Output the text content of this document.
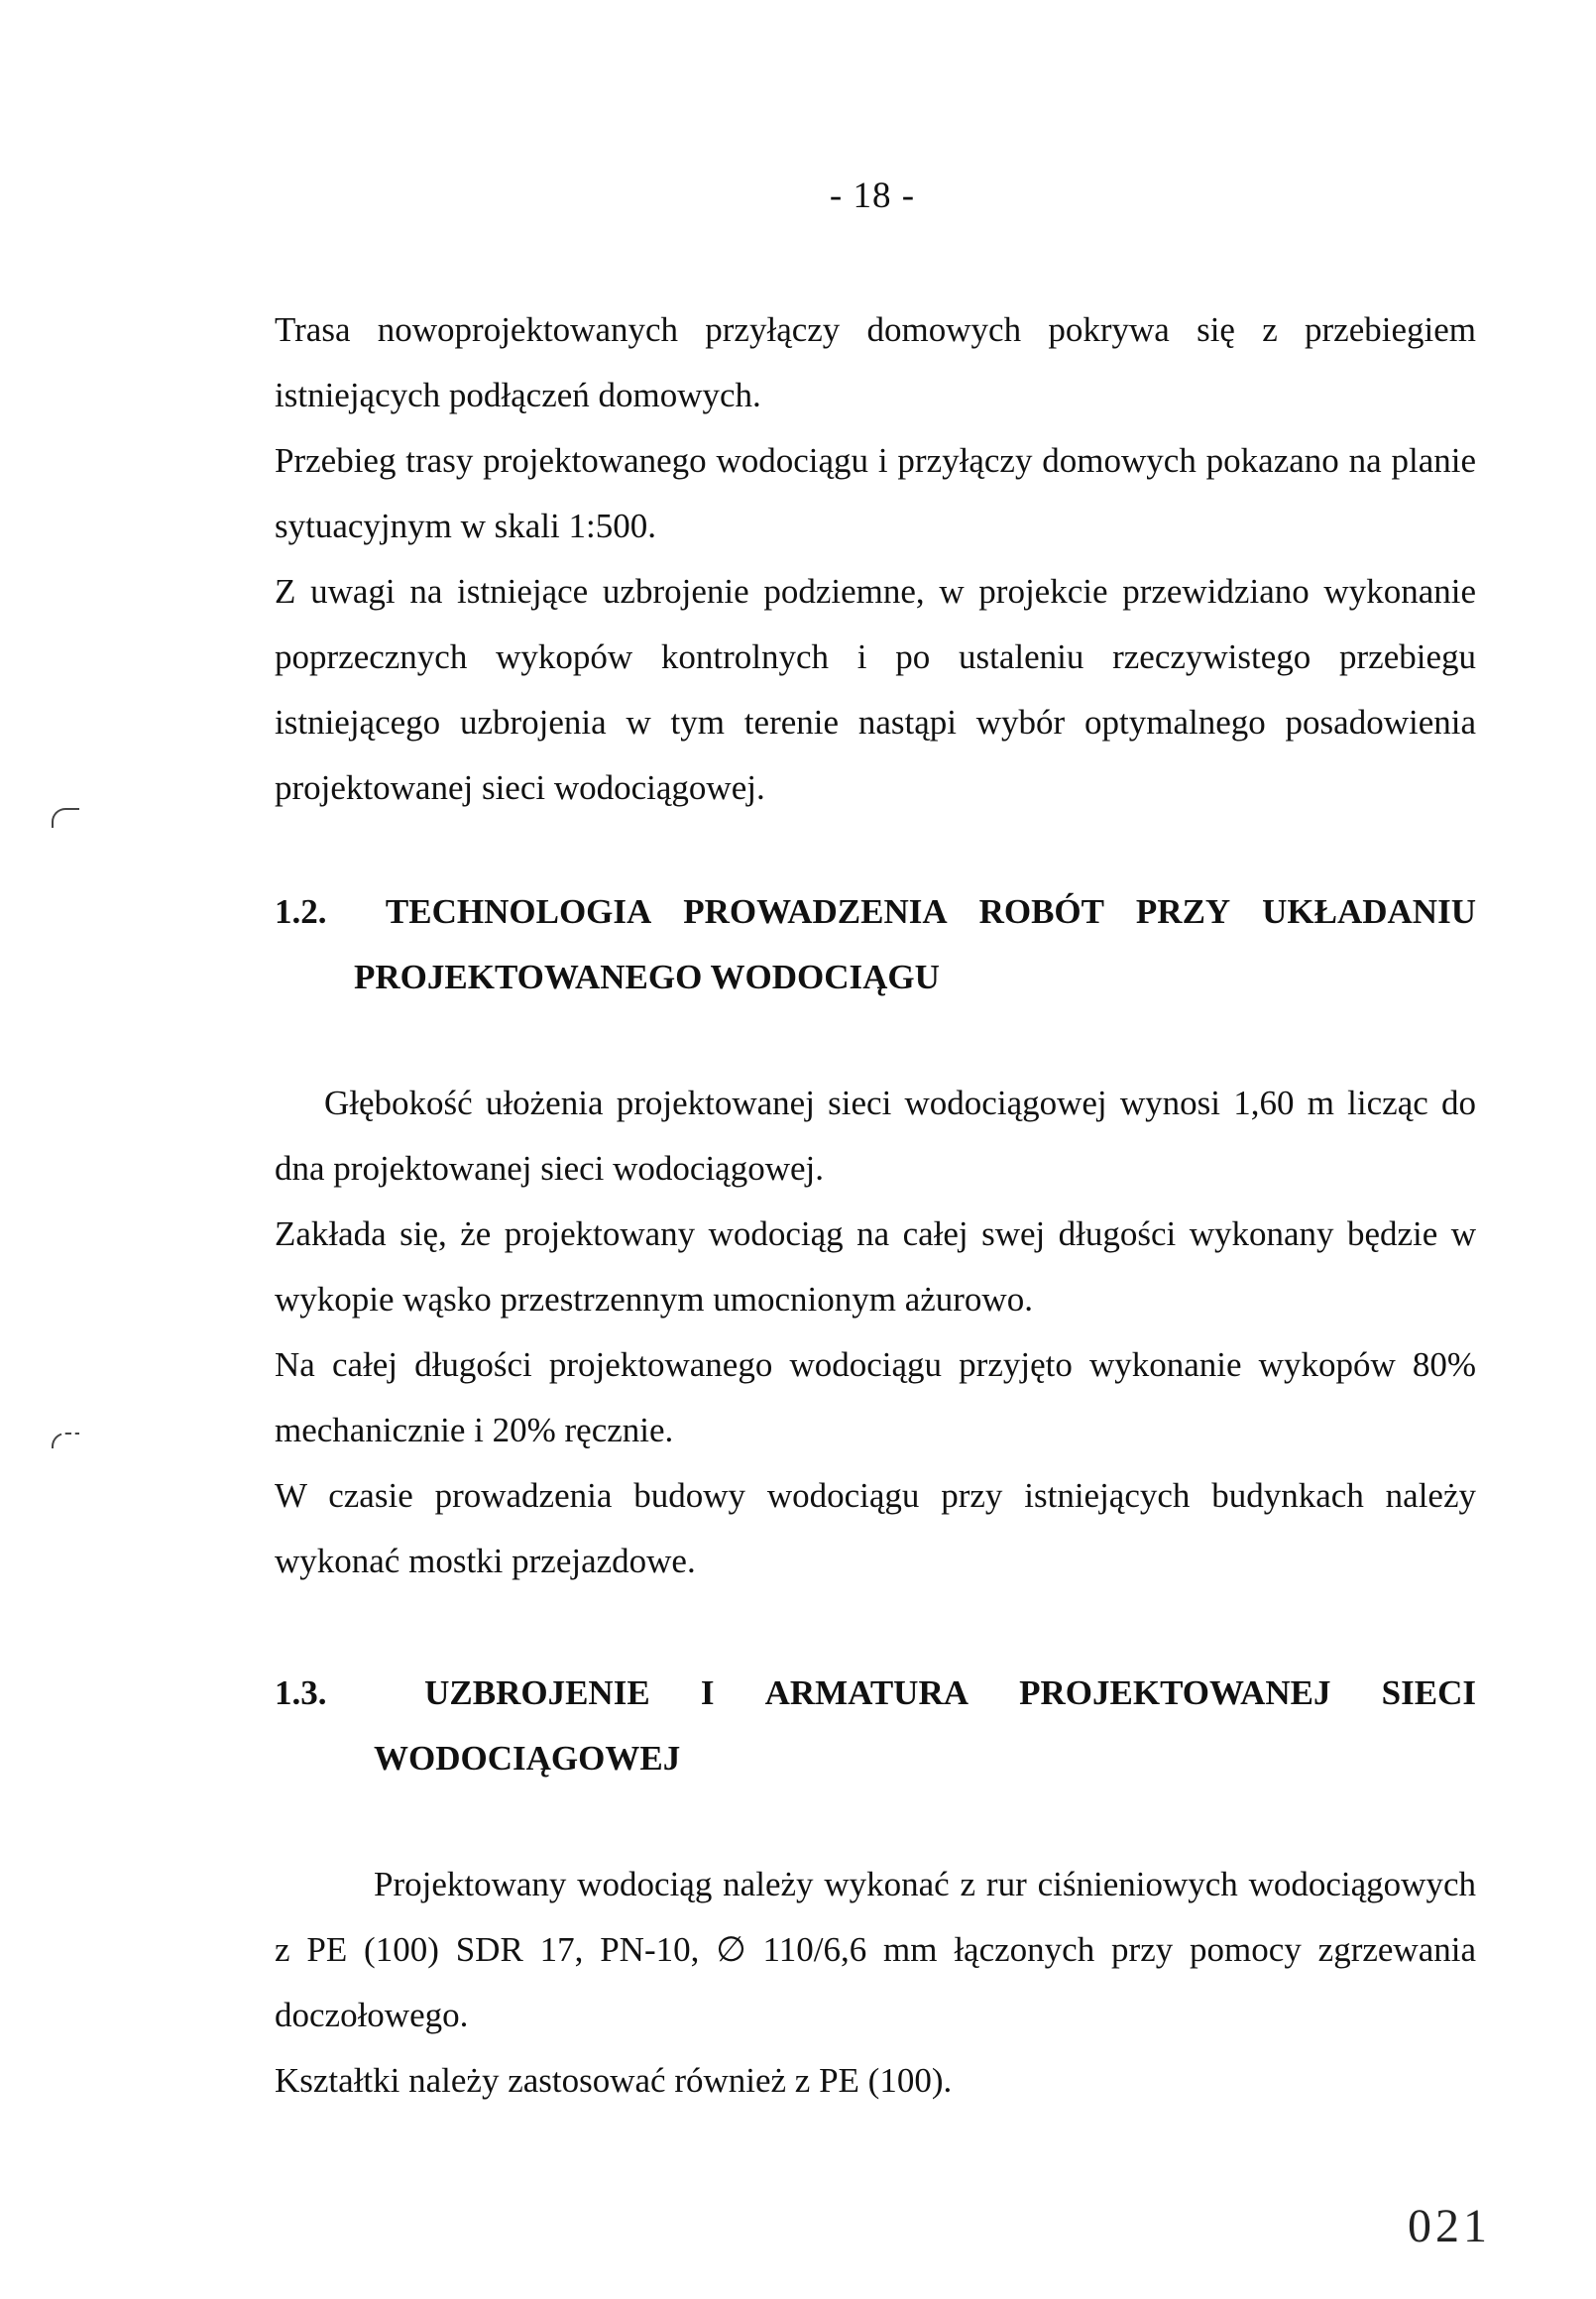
- 18 -

Trasa nowoprojektowanych przyłączy domowych pokrywa się z przebiegiem istniejących podłączeń domowych.

Przebieg trasy projektowanego wodociągu i przyłączy domowych pokazano na planie sytuacyjnym w skali 1:500.

Z uwagi na istniejące uzbrojenie podziemne, w projekcie przewidziano wykonanie poprzecznych wykopów kontrolnych i po ustaleniu rzeczywistego przebiegu istniejącego uzbrojenia w tym terenie nastąpi wybór optymalnego posadowienia projektowanej sieci wodociągowej.

1.2.	TECHNOLOGIA PROWADZENIA ROBÓT PRZY UKŁADANIU
PROJEKTOWANEGO WODOCIĄGU

Głębokość ułożenia projektowanej sieci wodociągowej wynosi 1,60 m licząc do dna projektowanej sieci wodociągowej.

Zakłada się, że projektowany wodociąg na całej swej długości wykonany będzie w wykopie wąsko przestrzennym umocnionym ażurowo.

Na całej długości projektowanego wodociągu przyjęto wykonanie wykopów 80% mechanicznie i 20% ręcznie.

W czasie prowadzenia budowy wodociągu przy istniejących budynkach należy wykonać mostki przejazdowe.

1.3.	UZBROJENIE I ARMATURA PROJEKTOWANEJ SIECI
WODOCIĄGOWEJ

Projektowany wodociąg należy wykonać z rur ciśnieniowych wodociągowych z PE (100) SDR 17, PN-10, ∅ 110/6,6 mm łączonych przy pomocy zgrzewania doczołowego.

Kształtki należy zastosować również z PE (100).

021
